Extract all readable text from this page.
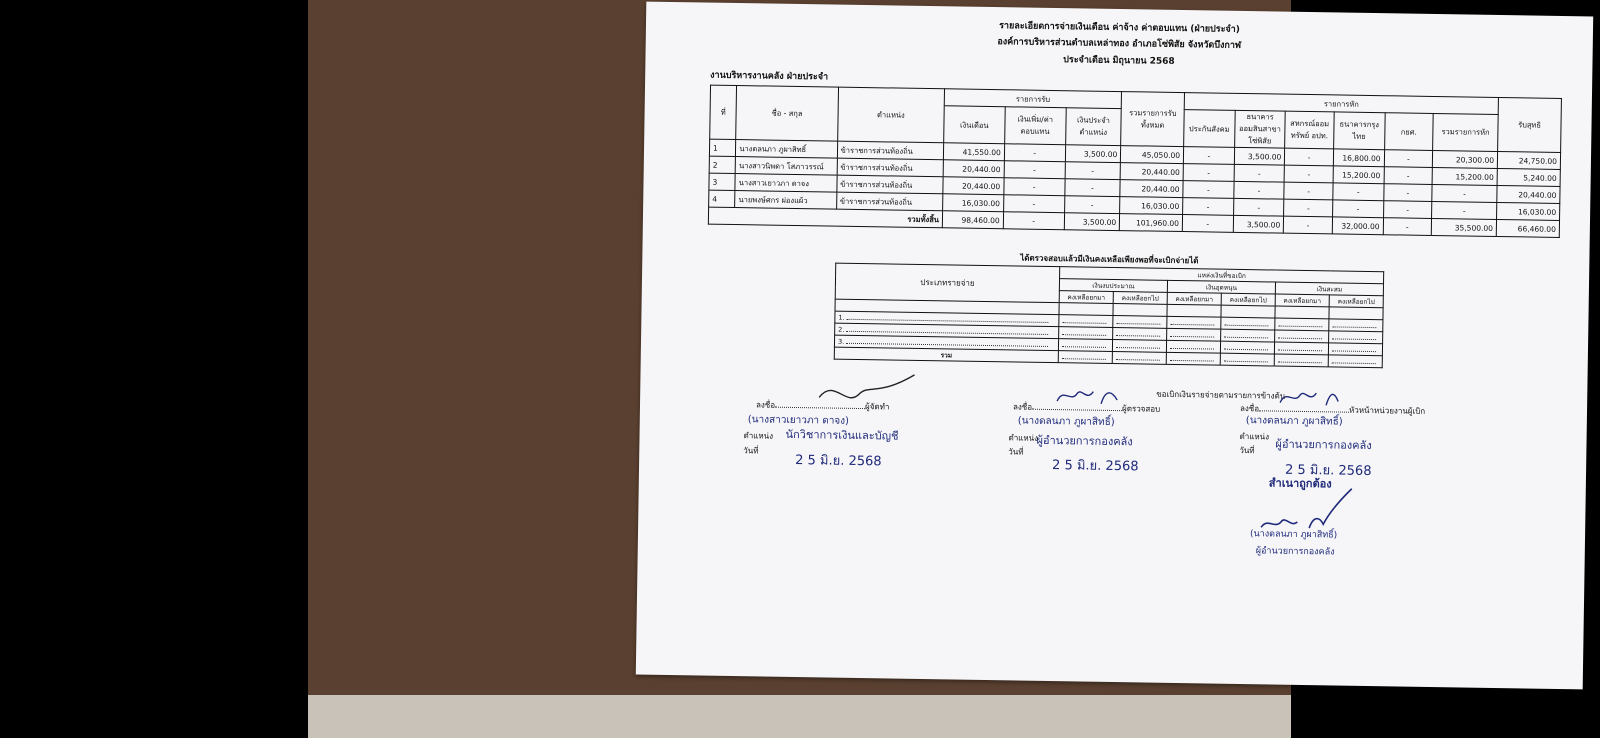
รายละเอียดการจ่ายเงินเดือน ค่าจ้าง ค่าตอบแทน (ฝ่ายประจำ)
องค์การบริหารส่วนตำบลเหล่าทอง อำเภอโซ่พิสัย จังหวัดบึงกาฬ
ประจำเดือน มิถุนายน 2568
งานบริหารงานคลัง ฝ่ายประจำ
ที่	ชื่อ - สกุล	ตำแหน่ง	รายการรับ			รวมรายการรับทั้งหมด	รายการหัก						รับสุทธิ
			เงินเดือน	เงินเพิ่ม/ค่าตอบแทน	เงินประจำตำแหน่ง		ประกันสังคม	ธนาคารออมสินสาขาโซ่พิสัย	สหกรณ์ออมทรัพย์ อปท.	ธนาคารกรุงไทย	กยศ.	รวมรายการหัก	

1	นางดลนภา ภูผาสิทธิ์	ข้าราชการส่วนท้องถิ่น	41,550.00	-	3,500.00	45,050.00	-	3,500.00	-	16,800.00	-	20,300.00	24,750.00
2	นางสาวนิพดา โสภาวรรณ์	ข้าราชการส่วนท้องถิ่น	20,440.00	-	-	20,440.00	-	-	-	15,200.00	-	15,200.00	5,240.00
3	นางสาวเยาวภา ดาจง	ข้าราชการส่วนท้องถิ่น	20,440.00	-	-	20,440.00	-	-	-	-	-	-	20,440.00
4	นายพงษ์ศกร ผ่องแผ้ว	ข้าราชการส่วนท้องถิ่น	16,030.00	-	-	16,030.00	-	-	-	-	-	-	16,030.00
รวมทั้งสิ้น			98,460.00	-	3,500.00	101,960.00	-	3,500.00	-	32,000.00	-	35,500.00	66,460.00
ได้ตรวจสอบแล้วมีเงินคงเหลือเพียงพอที่จะเบิกจ่ายได้
ประเภทรายจ่าย	แหล่งเงินที่ขอเบิก					
	เงินงบประมาณ		เงินอุดหนุน		เงินสะสม	
	คงเหลือยกมา	คงเหลือยกไป	คงเหลือยกมา	คงเหลือยกไป	คงเหลือยกมา	คงเหลือยกไป

1.						
2.						
3.						
รวม						
ขอเบิกเงินรายจ่ายตามรายการข้างต้น
ลงชื่อ	ผู้จัดทำ
(นางสาวเยาวภา ดาจง)
ตำแหน่ง นักวิชาการเงินและบัญชี
วันที่
2 5 มิ.ย. 2568
ลงชื่อ	ผู้ตรวจสอบ
(นางดลนภา ภูผาสิทธิ์)
ตำแหน่ง
ผู้อำนวยการกองคลัง
วันที่
2 5 มิ.ย. 2568
ลงชื่อ	หัวหน้าหน่วยงานผู้เบิก
(นางดลนภา ภูผาสิทธิ์)
ตำแหน่ง
ผู้อำนวยการกองคลัง
วันที่
2 5 มิ.ย. 2568
สำเนาถูกต้อง
(นางดลนภา ภูผาสิทธิ์)
ผู้อำนวยการกองคลัง
